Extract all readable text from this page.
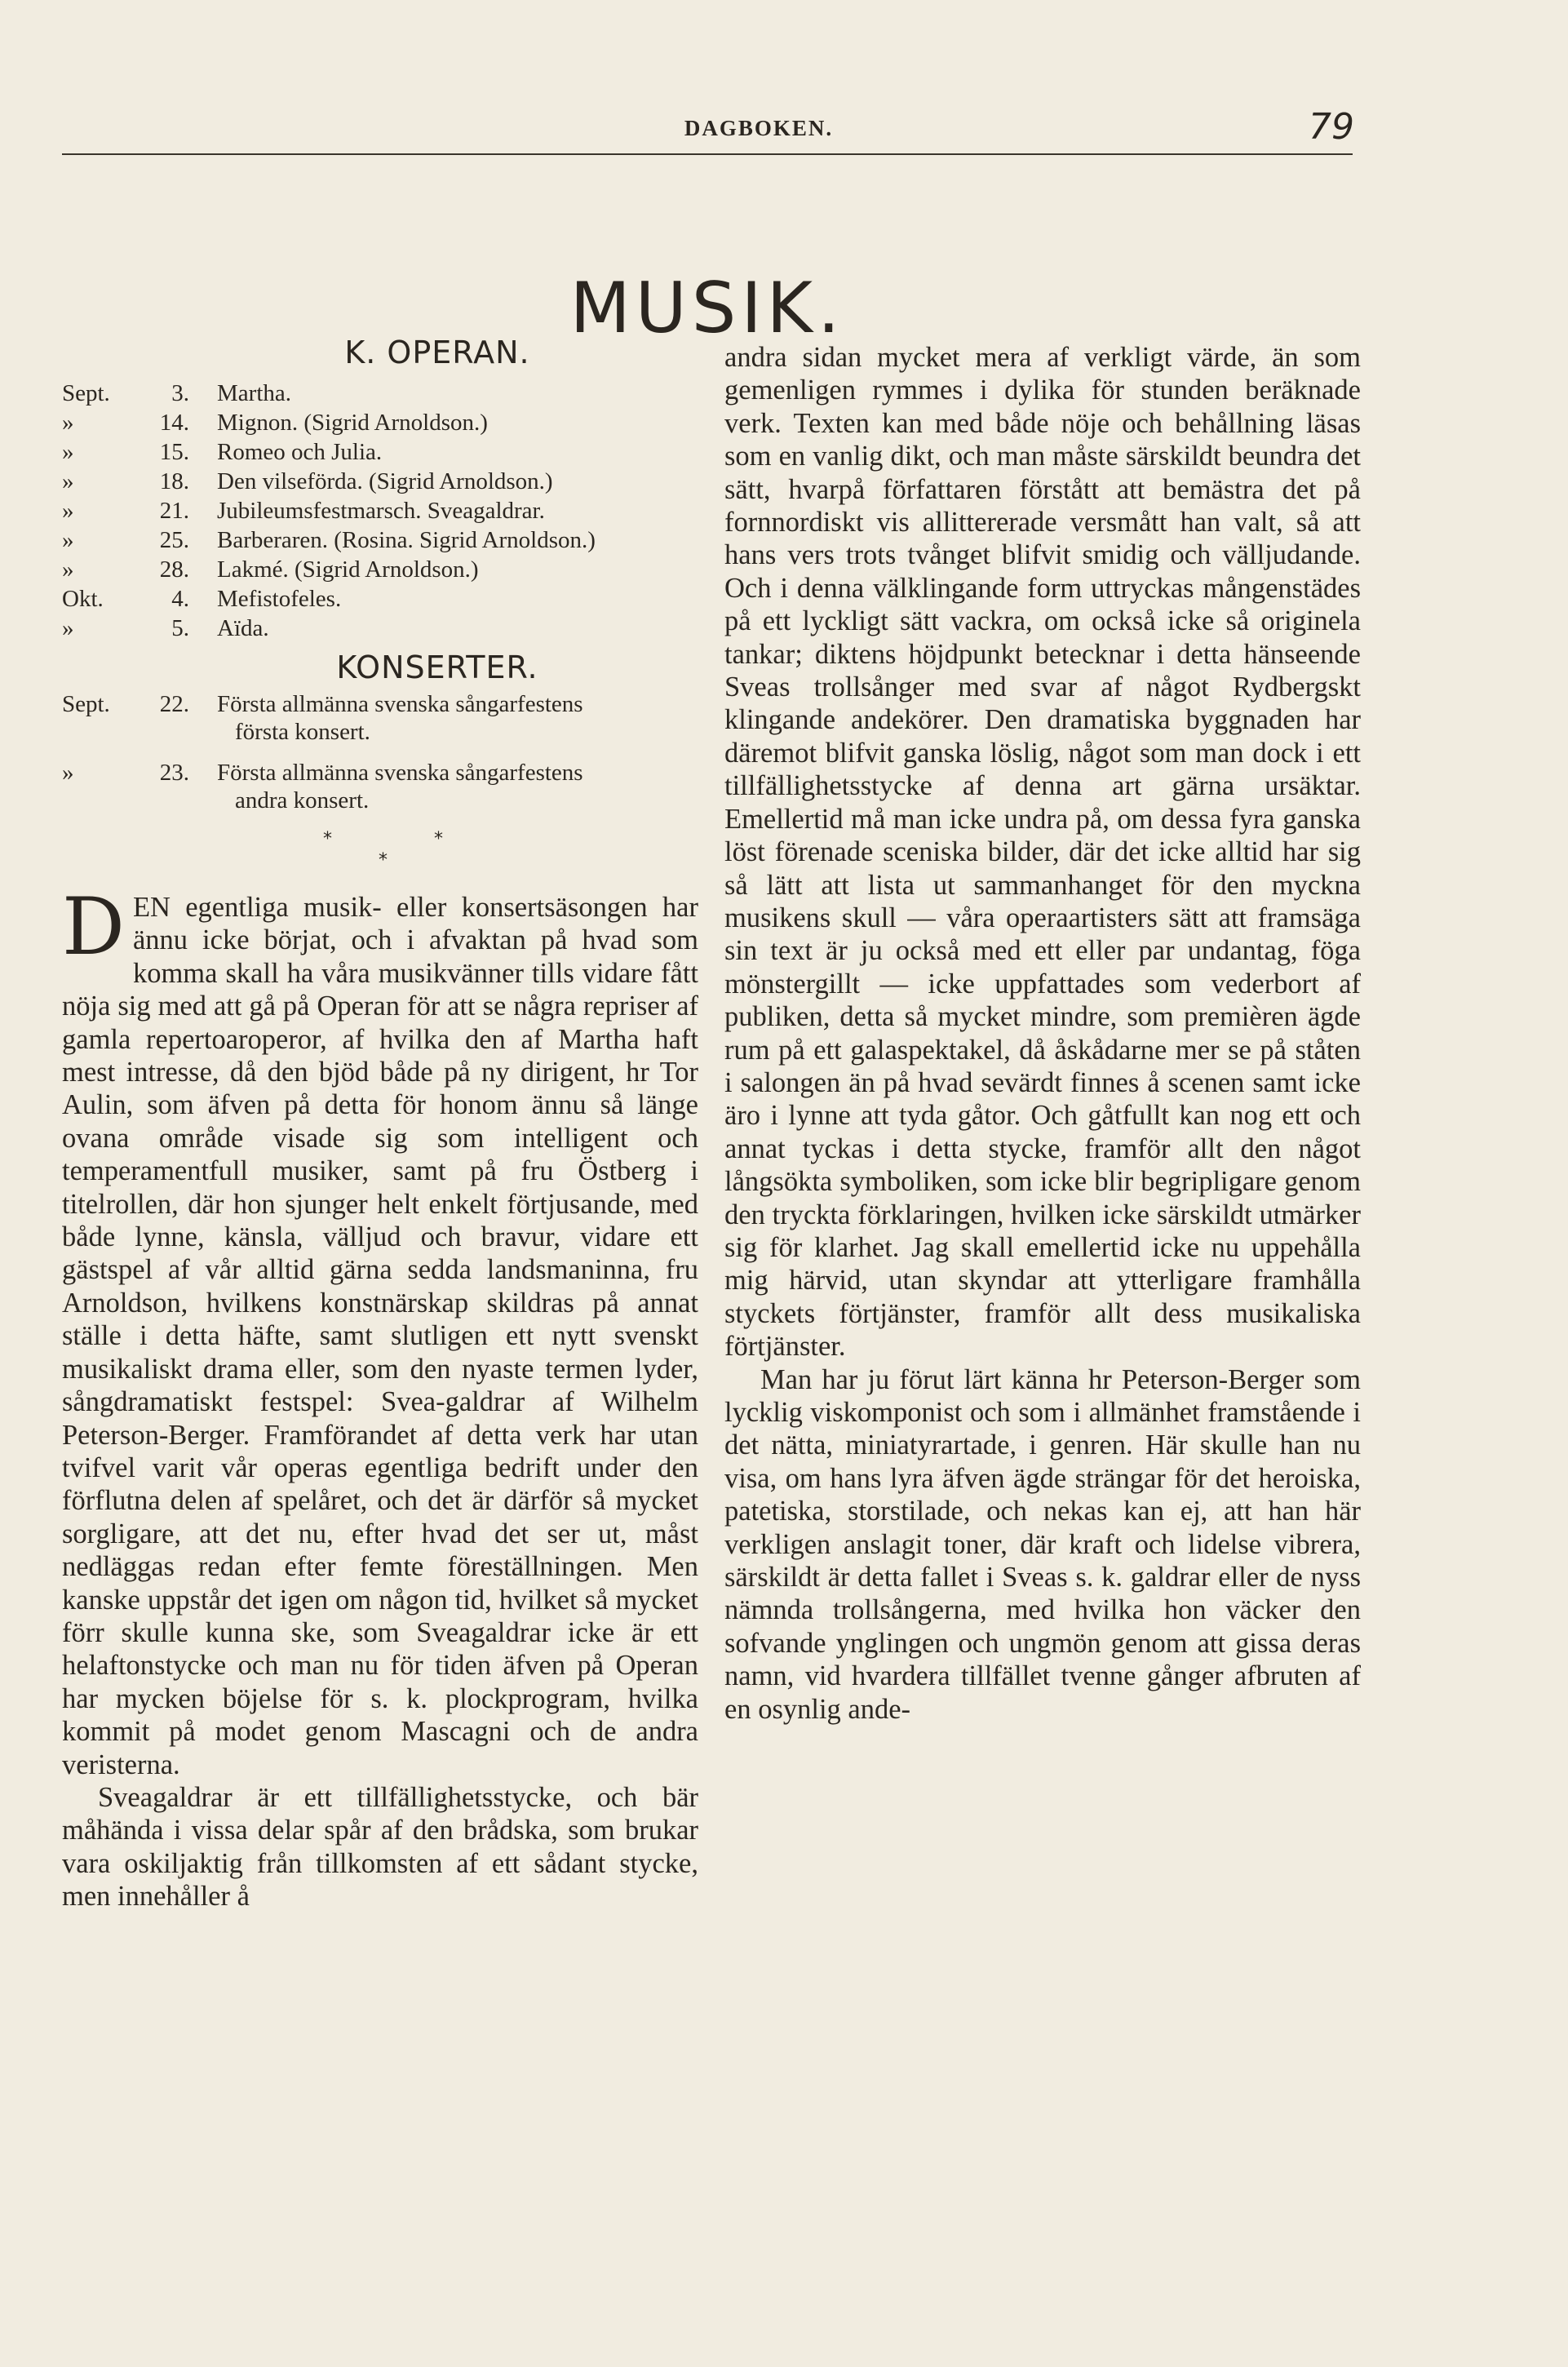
DAGBOKEN.	79
MUSIK.
K. OPERAN.
Sept.	3. Martha.
»	14. Mignon. (Sigrid Arnoldson.)
»	15. Romeo och Julia.
»	18. Den vilseförda. (Sigrid Arnoldson.)
»	21. Jubileumsfestmarsch. Sveagaldrar.
»	25. Barberaren. (Rosina. Sigrid Arnoldson.)
»	28. Lakmé. (Sigrid Arnoldson.)
Okt.	4. Mefistofeles.
»	5. Aïda.
KONSERTER.
Sept.	22. Första allmänna svenska sångarfestens
första konsert.
»	23. Första allmänna svenska sångarfestens
andra konsert.
*	*
*

DEN egentliga musik- eller konsertsäsongen har ännu icke börjat, och i afvaktan på hvad som komma skall ha våra musikvänner tills vidare fått nöja sig med att gå på Operan för att se några repriser af gamla repertoaroperor, af hvilka den af Martha haft mest intresse, då den bjöd både på ny dirigent, hr Tor Aulin, som äfven på detta för honom ännu så länge ovana område visade sig som intelligent och temperamentfull musiker, samt på fru Östberg i titelrollen, där hon sjunger helt enkelt förtjusande, med både lynne, känsla, välljud och bravur, vidare ett gästspel af vår alltid gärna sedda landsmaninna, fru Arnoldson, hvilkens konstnärskap skildras på annat ställe i detta häfte, samt slutligen ett nytt svenskt musikaliskt drama eller, som den nyaste termen lyder, sångdramatiskt festspel: Svea-galdrar af Wilhelm Peterson-Berger. Framförandet af detta verk har utan tvifvel varit vår operas egentliga bedrift under den förflutna delen af spelåret, och det är därför så mycket sorgligare, att det nu, efter hvad det ser ut, måst nedläggas redan efter femte föreställningen. Men kanske uppstår det igen om någon tid, hvilket så mycket förr skulle kunna ske, som Sveagaldrar icke är ett helaftonstycke och man nu för tiden äfven på Operan har mycken böjelse för s. k. plockprogram, hvilka kommit på modet genom Mascagni och de andra veristerna.

Sveagaldrar är ett tillfällighetsstycke, och bär måhända i vissa delar spår af den brådska, som brukar vara oskiljaktig från tillkomsten af ett sådant stycke, men innehåller å

andra sidan mycket mera af verkligt värde, än som gemenligen rymmes i dylika för stunden beräknade verk. Texten kan med både nöje och behållning läsas som en vanlig dikt, och man måste särskildt beundra det sätt, hvarpå författaren förstått att bemästra det på fornnordiskt vis allittererade versmått han valt, så att hans vers trots tvånget blifvit smidig och välljudande. Och i denna välklingande form uttryckas mångenstädes på ett lyckligt sätt vackra, om också icke så originela tankar; diktens höjdpunkt betecknar i detta hänseende Sveas trollsånger med svar af något Rydbergskt klingande andekörer. Den dramatiska byggnaden har däremot blifvit ganska löslig, något som man dock i ett tillfällighetsstycke af denna art gärna ursäktar. Emellertid må man icke undra på, om dessa fyra ganska löst förenade sceniska bilder, där det icke alltid har sig så lätt att lista ut sammanhanget för den myckna musikens skull — våra operaartisters sätt att framsäga sin text är ju också med ett eller par undantag, föga mönstergillt — icke uppfattades som vederbort af publiken, detta så mycket mindre, som premièren ägde rum på ett galaspektakel, då åskådarne mer se på ståten i salongen än på hvad sevärdt finnes å scenen samt icke äro i lynne att tyda gåtor. Och gåtfullt kan nog ett och annat tyckas i detta stycke, framför allt den något långsökta symboliken, som icke blir begripligare genom den tryckta förklaringen, hvilken icke särskildt utmärker sig för klarhet. Jag skall emellertid icke nu uppehålla mig härvid, utan skyndar att ytterligare framhålla styckets förtjänster, framför allt dess musikaliska förtjänster.

Man har ju förut lärt känna hr Peterson-Berger som lycklig viskomponist och som i allmänhet framstående i det nätta, miniatyrartade, i genren. Här skulle han nu visa, om hans lyra äfven ägde strängar för det heroiska, patetiska, storstilade, och nekas kan ej, att han här verkligen anslagit toner, där kraft och lidelse vibrera, särskildt är detta fallet i Sveas s. k. galdrar eller de nyss nämnda trollsångerna, med hvilka hon väcker den sofvande ynglingen och ungmön genom att gissa deras namn, vid hvardera tillfället tvenne gånger afbruten af en osynlig ande-
